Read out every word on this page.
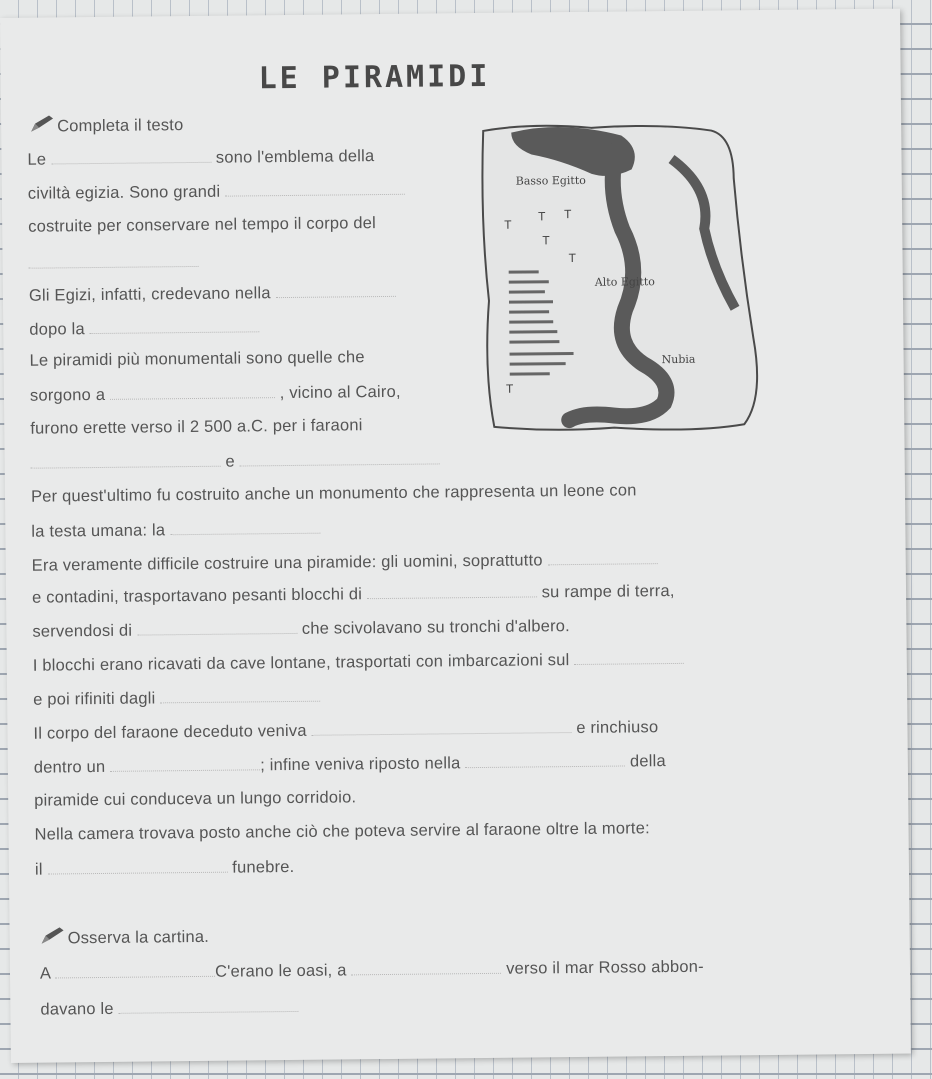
LE PIRAMIDI
Completa il testo
Le	sono l'emblema della
civiltà egizia. Sono grandi
costruite per conservare nel tempo il corpo del
Gli Egizi, infatti, credevano nella
dopo la
Le piramidi più monumentali sono quelle che
sorgono a	, vicino al Cairo,
furono erette verso il 2 500 a.C. per i faraoni
e
Per quest'ultimo fu costruito anche un monumento che rappresenta un leone con
la testa umana: la
Era veramente difficile costruire una piramide: gli uomini, soprattutto
e contadini, trasportavano pesanti blocchi di	su rampe di terra,
servendosi di	che scivolavano su tronchi d'albero.
I blocchi erano ricavati da cave lontane, trasportati con imbarcazioni sul
e poi rifiniti dagli
Il corpo del faraone deceduto veniva	e rinchiuso
dentro un	; infine veniva riposto nella	della
piramide cui conduceva un lungo corridoio.
Nella camera trovava posto anche ciò che poteva servire al faraone oltre la morte:
il	funebre.
Osserva la cartina.
A	C'erano le oasi, a	verso il mar Rosso abbon-
davano le
T
T T
T
T
T
Basso Egitto
Alto Egitto
Nubia
